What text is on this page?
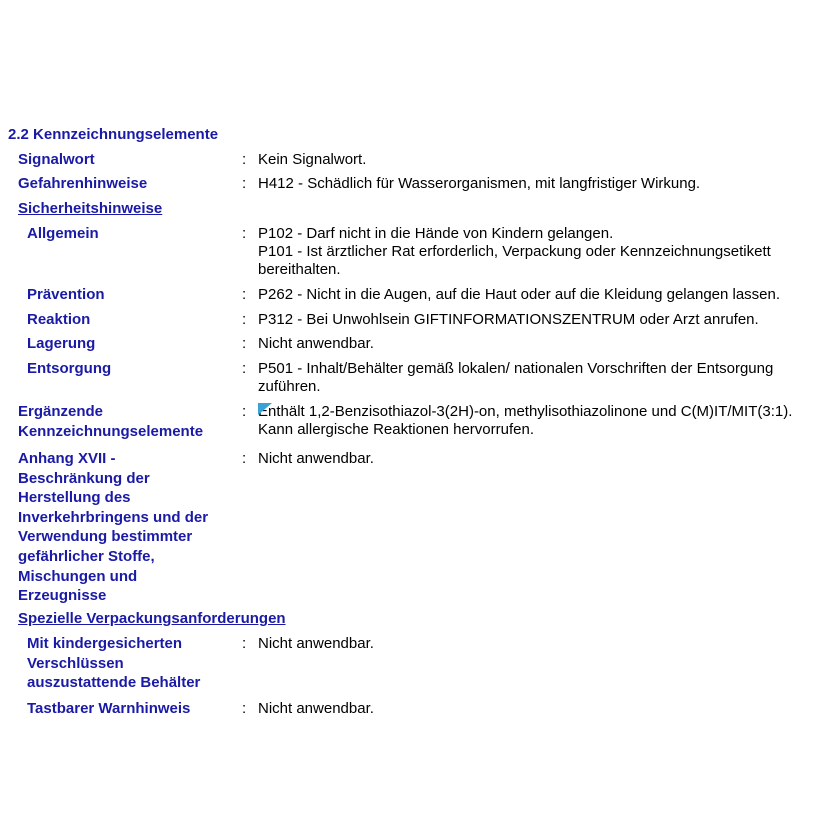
2.2 Kennzeichnungselemente
Signalwort	: Kein Signalwort.
Gefahrenhinweise	: H412 - Schädlich für Wasserorganismen, mit langfristiger Wirkung.
Sicherheitshinweise
Allgemein	: P102 - Darf nicht in die Hände von Kindern gelangen.
P101 - Ist ärztlicher Rat erforderlich, Verpackung oder Kennzeichnungsetikett
bereithalten.
Prävention	: P262 - Nicht in die Augen, auf die Haut oder auf die Kleidung gelangen lassen.
Reaktion	: P312 - Bei Unwohlsein GIFTINFORMATIONSZENTRUM oder Arzt anrufen.
Lagerung	: Nicht anwendbar.
Entsorgung	: P501 - Inhalt/Behälter gemäß lokalen/ nationalen Vorschriften der Entsorgung
zuführen.
Ergänzende
Kennzeichnungselemente
: Enthält 1,2-Benzisothiazol-3(2H)-on, methylisothiazolinone und C(M)IT/MIT(3:1).
Kann allergische Reaktionen hervorrufen.
Anhang XVII -
Beschränkung der
Herstellung des
Inverkehrbringens und der
Verwendung bestimmter
gefährlicher Stoffe,
Mischungen und
Erzeugnisse
: Nicht anwendbar.
Spezielle Verpackungsanforderungen
Mit kindergesicherten
Verschlüssen
auszustattende Behälter
: Nicht anwendbar.
Tastbarer Warnhinweis	: Nicht anwendbar.
